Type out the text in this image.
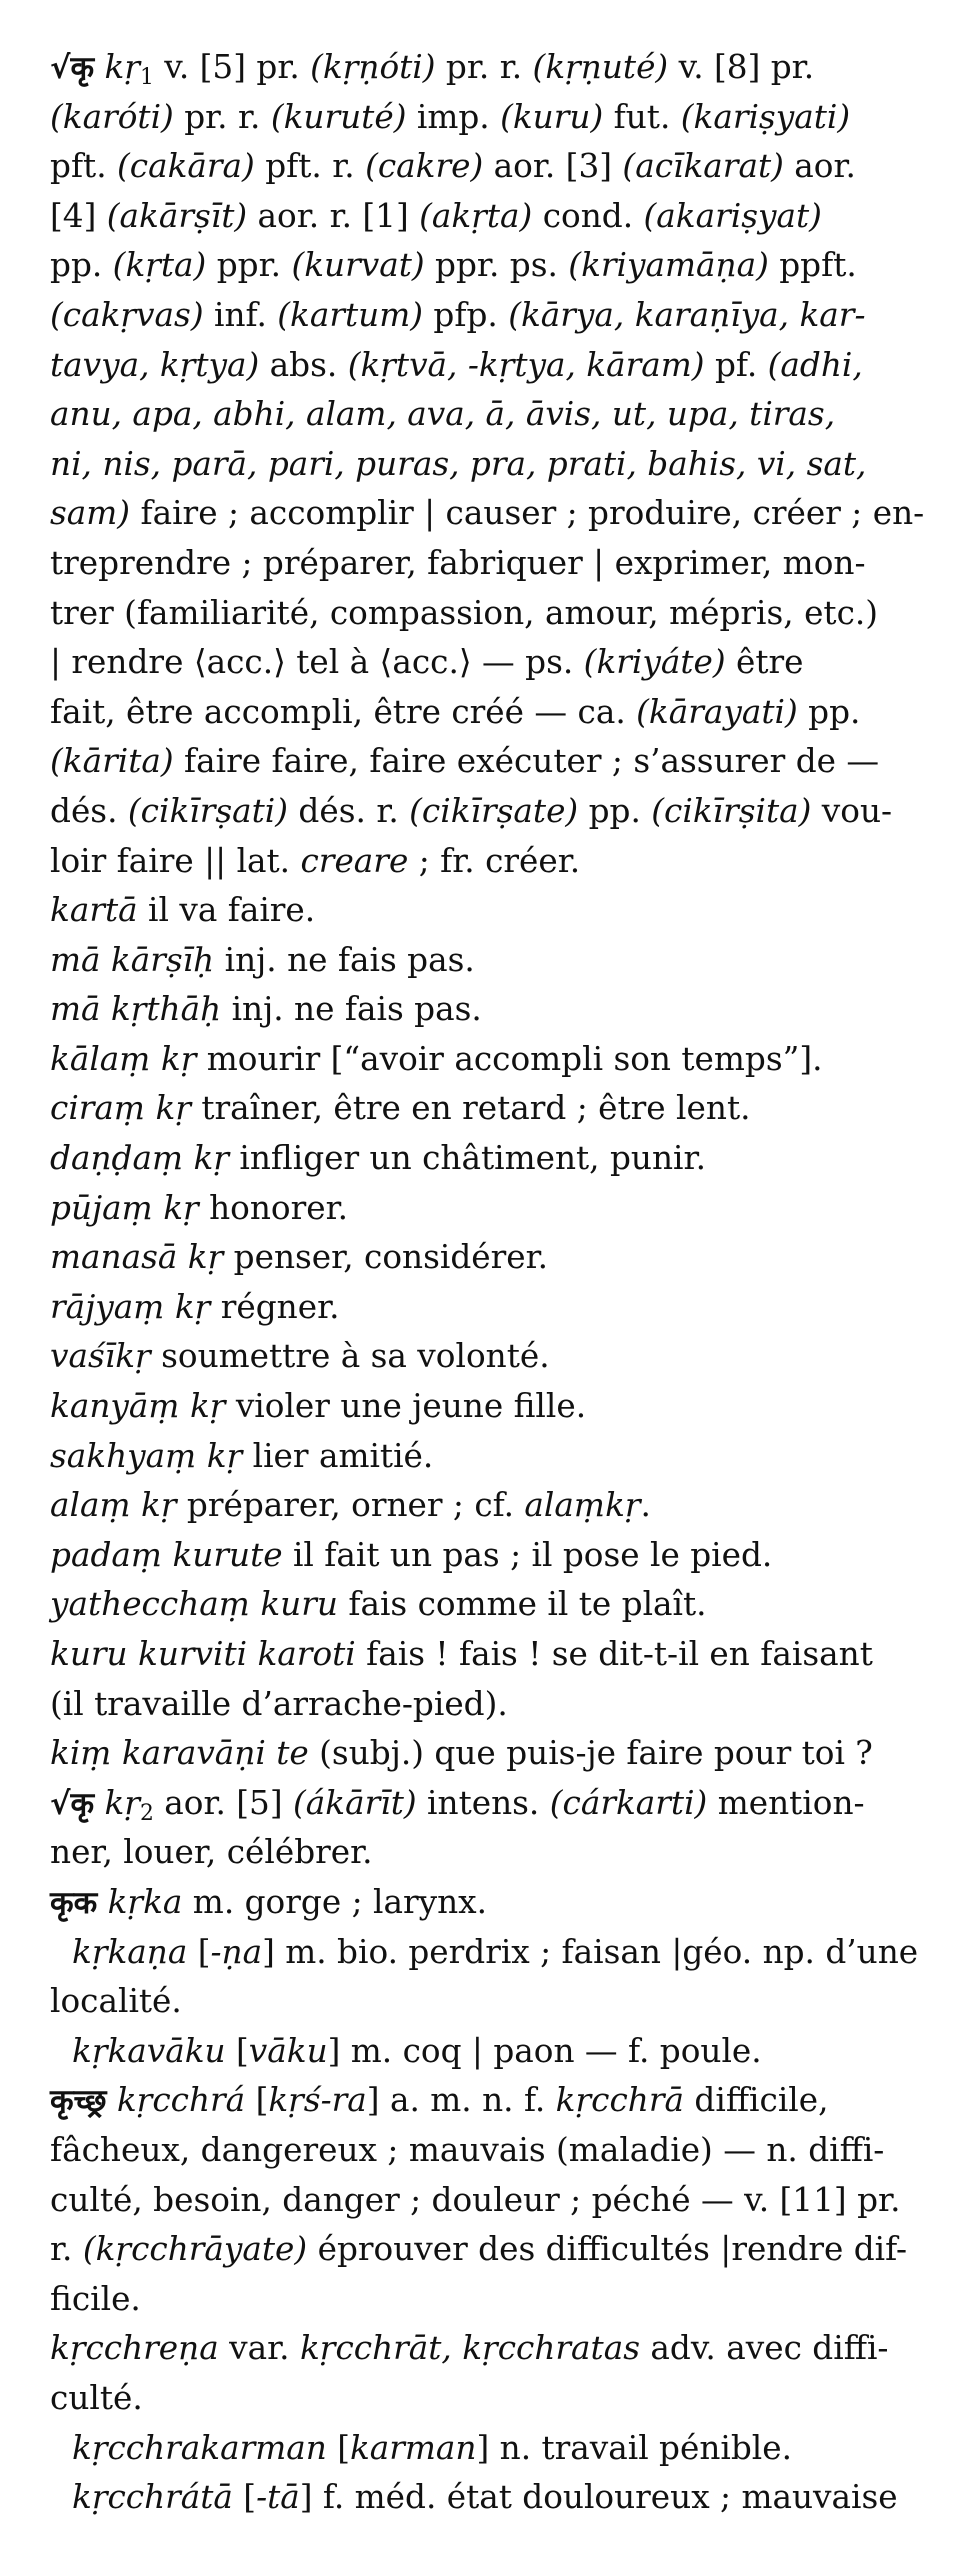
√कृ kṛ$_1$ v. [5] pr. (kṛṇóti) pr. r. (kṛṇuté) v. [8] pr.
(karóti) pr. r. (kuruté) imp. (kuru) fut. (kariṣyati)
pft. (cakāra) pft. r. (cakre) aor. [3] (acīkarat) aor.
[4] (akārṣīt) aor. r. [1] (akṛta) cond. (akariṣyat)
pp. (kṛta) ppr. (kurvat) ppr. ps. (kriyamāṇa) ppft.
(cakṛvas) inf. (kartum) pfp. (kārya, karaṇīya, kar-
tavya, kṛtya) abs. (kṛtvā, -kṛtya, kāram) pf. (adhi,
anu, apa, abhi, alam, ava, ā, āvis, ut, upa, tiras,
ni, nis, parā, pari, puras, pra, prati, bahis, vi, sat,
sam) faire ; accomplir | causer ; produire, créer ; en-
treprendre ; préparer, fabriquer | exprimer, mon-
trer (familiarité, compassion, amour, mépris, etc.)
| rendre ⟨acc.⟩ tel à ⟨acc.⟩ — ps. (kriyáte) être
fait, être accompli, être créé — ca. (kārayati) pp.
(kārita) faire faire, faire exécuter ; s’assurer de —
dés. (cikīrṣati) dés. r. (cikīrṣate) pp. (cikīrṣita) vou-
loir faire || lat. creare ; fr. créer.
kartā il va faire.
mā kārṣīḥ inj. ne fais pas.
mā kṛthāḥ inj. ne fais pas.
kālaṃ kṛ mourir [“avoir accompli son temps”].
ciraṃ kṛ traîner, être en retard ; être lent.
daṇḍaṃ kṛ infliger un châtiment, punir.
pūjaṃ kṛ honorer.
manasā kṛ penser, considérer.
rājyaṃ kṛ régner.
vaśīkṛ soumettre à sa volonté.
kanyāṃ kṛ violer une jeune fille.
sakhyaṃ kṛ lier amitié.
alaṃ kṛ préparer, orner ; cf. alaṃkṛ.
padaṃ kurute il fait un pas ; il pose le pied.
yathecchaṃ kuru fais comme il te plaît.
kuru kurviti karoti fais ! fais ! se dit-t-il en faisant
(il travaille d’arrache-pied).
kiṃ karavāṇi te (subj.) que puis-je faire pour toi ?
√कृ kṛ$_2$ aor. [5] (ákārīt) intens. (cárkarti) mention-
ner, louer, célébrer.
कृक kṛka m. gorge ; larynx.
kṛkaṇa [-ṇa] m. bio. perdrix ; faisan |géo. np. d’une
localité.
kṛkavāku [vāku] m. coq | paon — f. poule.
कृच्छ्र kṛcchrá [kṛś-ra] a. m. n. f. kṛcchrā difficile,
fâcheux, dangereux ; mauvais (maladie) — n. diffi-
culté, besoin, danger ; douleur ; péché — v. [11] pr.
r. (kṛcchrāyate) éprouver des difficultés |rendre dif-
ficile.
kṛcchreṇa var. kṛcchrāt, kṛcchratas adv. avec diffi-
culté.
kṛcchrakarman [karman] n. travail pénible.
kṛcchrátā [-tā] f. méd. état douloureux ; mauvaise
